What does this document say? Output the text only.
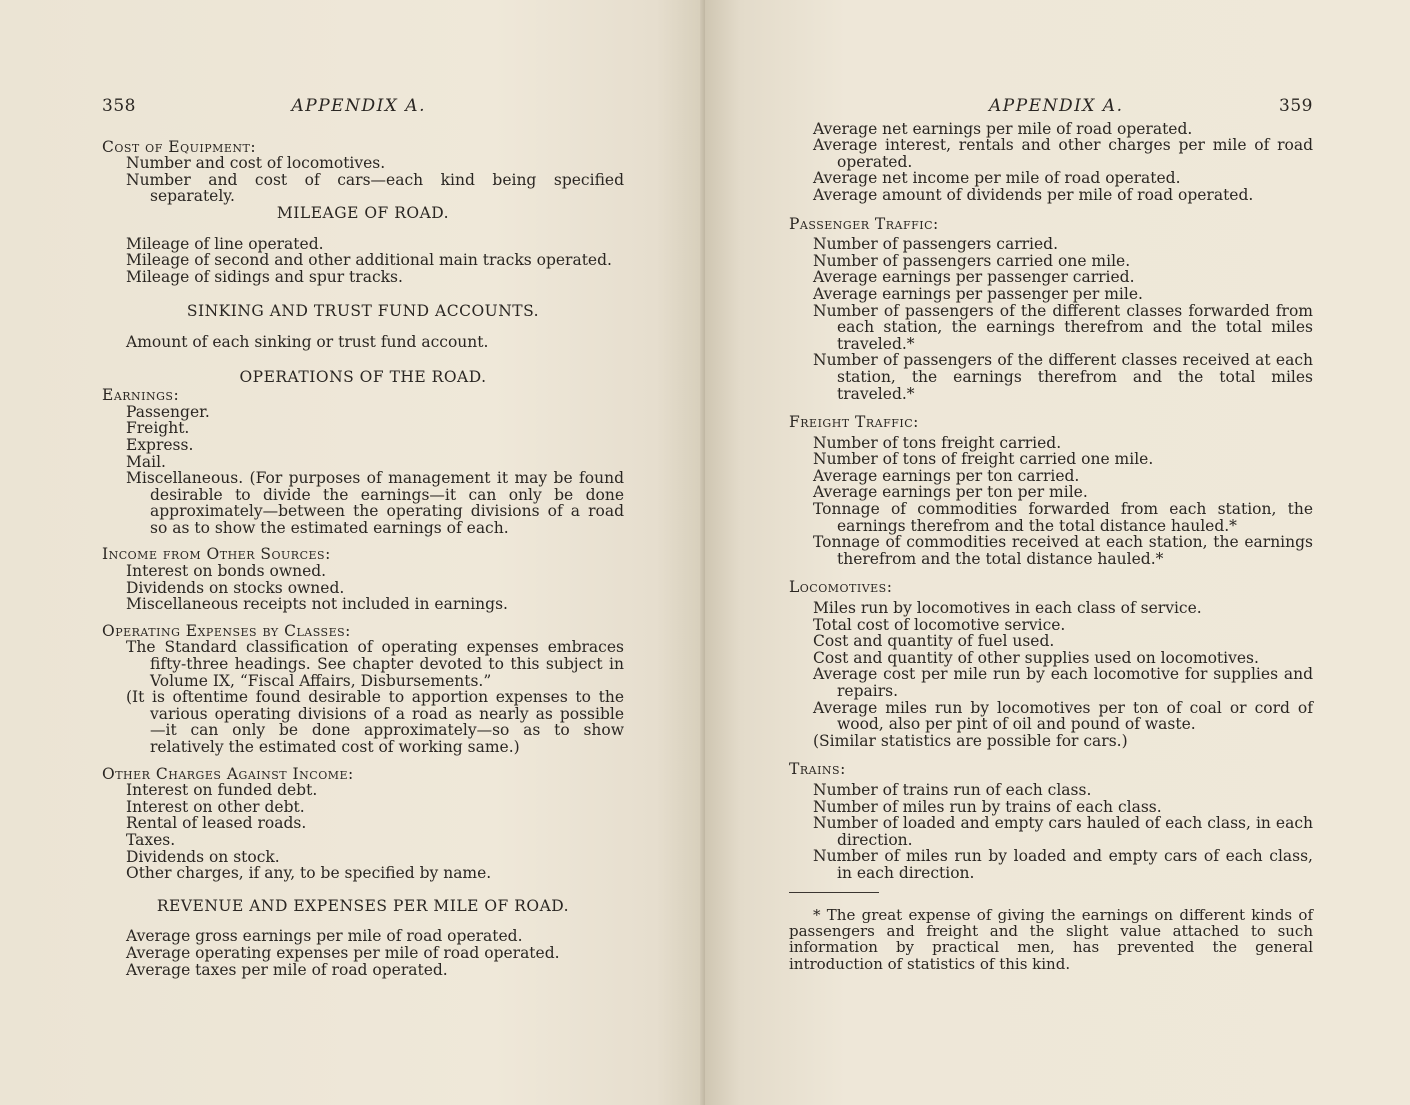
358	APPENDIX A.
Cost of Equipment:
Number and cost of locomotives.
Number and cost of cars—each kind being specified separately.
MILEAGE OF ROAD.
Mileage of line operated.
Mileage of second and other additional main tracks operated.
Mileage of sidings and spur tracks.
SINKING AND TRUST FUND ACCOUNTS.
Amount of each sinking or trust fund account.
OPERATIONS OF THE ROAD.
Earnings:
Passenger.
Freight.
Express.
Mail.
Miscellaneous. (For purposes of management it may be found desirable to divide the earnings—it can only be done approximately—between the operating divisions of a road so as to show the estimated earnings of each.
Income from Other Sources:
Interest on bonds owned.
Dividends on stocks owned.
Miscellaneous receipts not included in earnings.
Operating Expenses by Classes:
The Standard classification of operating expenses embraces fifty-three headings. See chapter devoted to this subject in Volume IX, “Fiscal Affairs, Disbursements.”
(It is oftentime found desirable to apportion expenses to the various operating divisions of a road as nearly as possible —it can only be done approximately—so as to show relatively the estimated cost of working same.)
Other Charges Against Income:
Interest on funded debt.
Interest on other debt.
Rental of leased roads.
Taxes.
Dividends on stock.
Other charges, if any, to be specified by name.
REVENUE AND EXPENSES PER MILE OF ROAD.
Average gross earnings per mile of road operated.
Average operating expenses per mile of road operated.
Average taxes per mile of road operated.
APPENDIX A.	359
Average net earnings per mile of road operated.
Average interest, rentals and other charges per mile of road operated.
Average net income per mile of road operated.
Average amount of dividends per mile of road operated.
Passenger Traffic:
Number of passengers carried.
Number of passengers carried one mile.
Average earnings per passenger carried.
Average earnings per passenger per mile.
Number of passengers of the different classes forwarded from each station, the earnings therefrom and the total miles traveled.*
Number of passengers of the different classes received at each station, the earnings therefrom and the total miles traveled.*
Freight Traffic:
Number of tons freight carried.
Number of tons of freight carried one mile.
Average earnings per ton carried.
Average earnings per ton per mile.
Tonnage of commodities forwarded from each station, the earnings therefrom and the total distance hauled.*
Tonnage of commodities received at each station, the earnings therefrom and the total distance hauled.*
Locomotives:
Miles run by locomotives in each class of service.
Total cost of locomotive service.
Cost and quantity of fuel used.
Cost and quantity of other supplies used on locomotives.
Average cost per mile run by each locomotive for supplies and repairs.
Average miles run by locomotives per ton of coal or cord of wood, also per pint of oil and pound of waste.
(Similar statistics are possible for cars.)
Trains:
Number of trains run of each class.
Number of miles run by trains of each class.
Number of loaded and empty cars hauled of each class, in each direction.
Number of miles run by loaded and empty cars of each class, in each direction.
* The great expense of giving the earnings on different kinds of passengers and freight and the slight value attached to such information by practical men, has prevented the general introduction of statistics of this kind.
